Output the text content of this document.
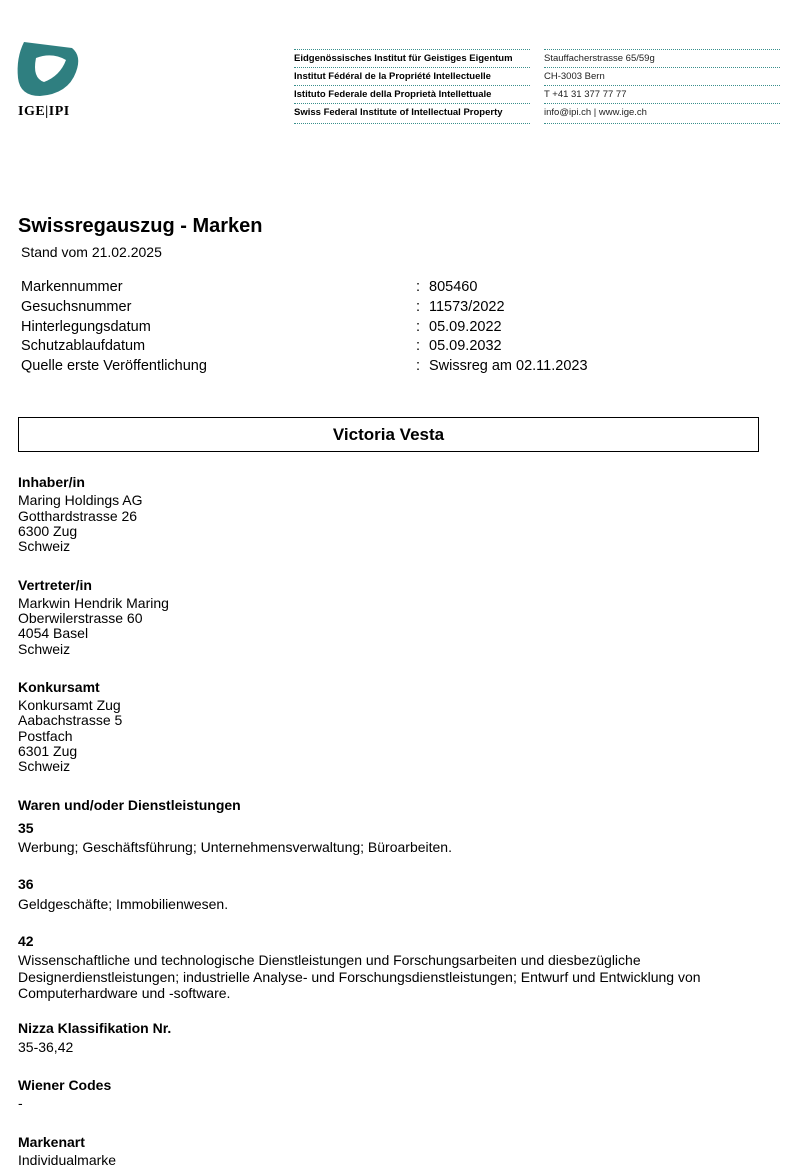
IGE|IPI
Eidgenössisches Institut für Geistiges Eigentum
Institut Fédéral de la Propriété Intellectuelle
Istituto Federale della Proprietà Intellettuale
Swiss Federal Institute of Intellectual Property
Stauffacherstrasse 65/59g
CH-3003 Bern
T +41 31 377 77 77
info@ipi.ch | www.ige.ch
Swissregauszug - Marken
Stand vom 21.02.2025
Markennummer	: 805460
Gesuchsnummer	: 11573/2022
Hinterlegungsdatum	: 05.09.2022
Schutzablaufdatum	: 05.09.2032
Quelle erste Veröffentlichung	: Swissreg am 02.11.2023
Victoria Vesta
Inhaber/in
Maring Holdings AG
Gotthardstrasse 26
6300 Zug
Schweiz
Vertreter/in
Markwin Hendrik Maring
Oberwilerstrasse 60
4054 Basel
Schweiz
Konkursamt
Konkursamt Zug
Aabachstrasse 5
Postfach
6301 Zug
Schweiz
Waren und/oder Dienstleistungen
35
Werbung; Geschäftsführung; Unternehmensverwaltung; Büroarbeiten.
36
Geldgeschäfte; Immobilienwesen.
42
Wissenschaftliche und technologische Dienstleistungen und Forschungsarbeiten und diesbezügliche Designerdienstleistungen; industrielle Analyse- und Forschungsdienstleistungen; Entwurf und Entwicklung von Computerhardware und -software.
Nizza Klassifikation Nr.
35-36,42
Wiener Codes
-
Markenart
Individualmarke
